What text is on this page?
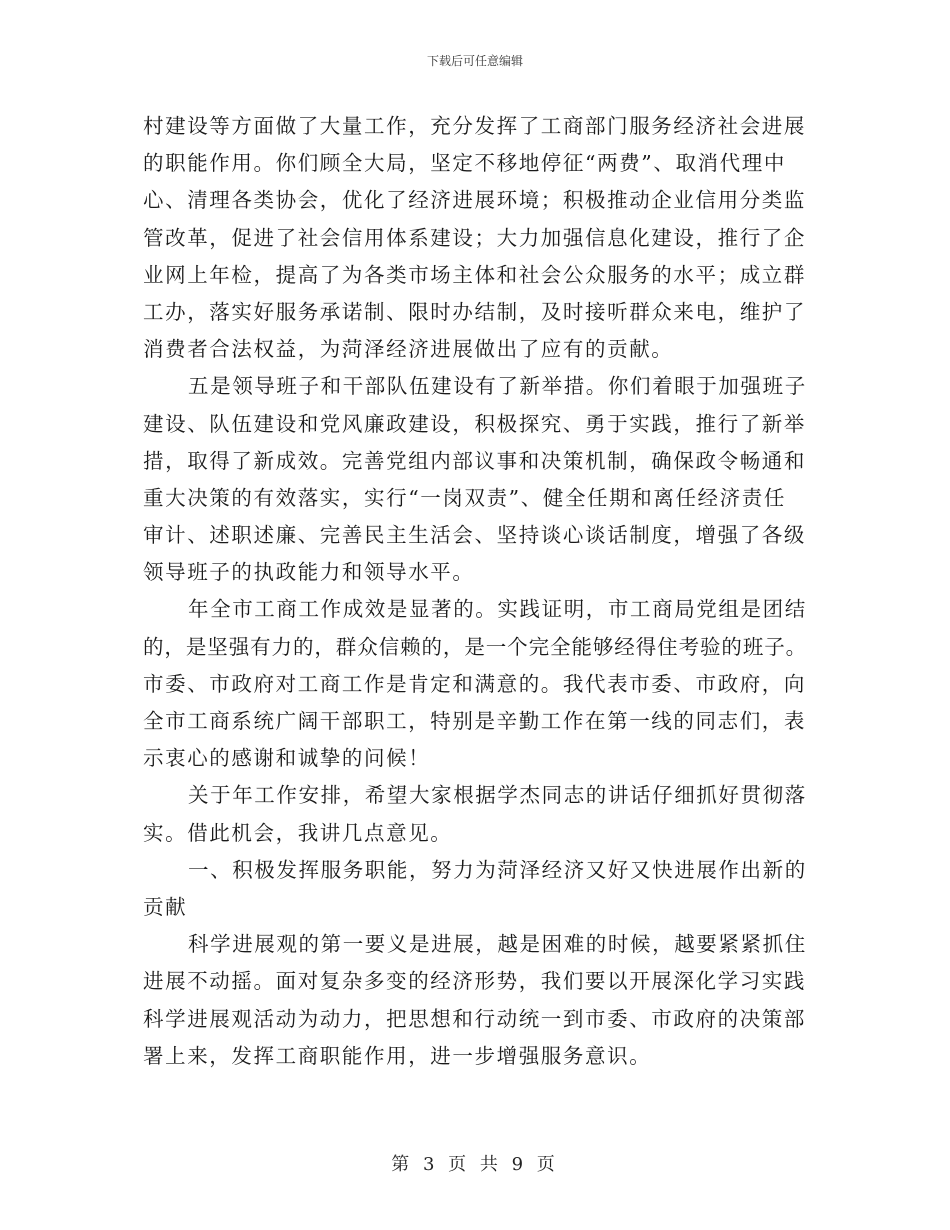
下载后可任意编辑
村建设等方面做了大量工作，充分发挥了工商部门服务经济社会进展
的职能作用。你们顾全大局，坚定不移地停征“两费”、取消代理中
心、清理各类协会，优化了经济进展环境；积极推动企业信用分类监
管改革，促进了社会信用体系建设；大力加强信息化建设，推行了企
业网上年检，提高了为各类市场主体和社会公众服务的水平；成立群
工办，落实好服务承诺制、限时办结制，及时接听群众来电，维护了
消费者合法权益，为菏泽经济进展做出了应有的贡献。
五是领导班子和干部队伍建设有了新举措。你们着眼于加强班子
建设、队伍建设和党风廉政建设，积极探究、勇于实践，推行了新举
措，取得了新成效。完善党组内部议事和决策机制，确保政令畅通和
重大决策的有效落实，实行“一岗双责”、健全任期和离任经济责任
审计、述职述廉、完善民主生活会、坚持谈心谈话制度，增强了各级
领导班子的执政能力和领导水平。
年全市工商工作成效是显著的。实践证明，市工商局党组是团结
的，是坚强有力的，群众信赖的，是一个完全能够经得住考验的班子。
市委、市政府对工商工作是肯定和满意的。我代表市委、市政府，向
全市工商系统广阔干部职工，特别是辛勤工作在第一线的同志们，表
示衷心的感谢和诚挚的问候！
关于年工作安排，希望大家根据学杰同志的讲话仔细抓好贯彻落
实。借此机会，我讲几点意见。
一、积极发挥服务职能，努力为菏泽经济又好又快进展作出新的
贡献
科学进展观的第一要义是进展，越是困难的时候，越要紧紧抓住
进展不动摇。面对复杂多变的经济形势，我们要以开展深化学习实践
科学进展观活动为动力，把思想和行动统一到市委、市政府的决策部
署上来，发挥工商职能作用，进一步增强服务意识。
第 3 页 共 9 页
